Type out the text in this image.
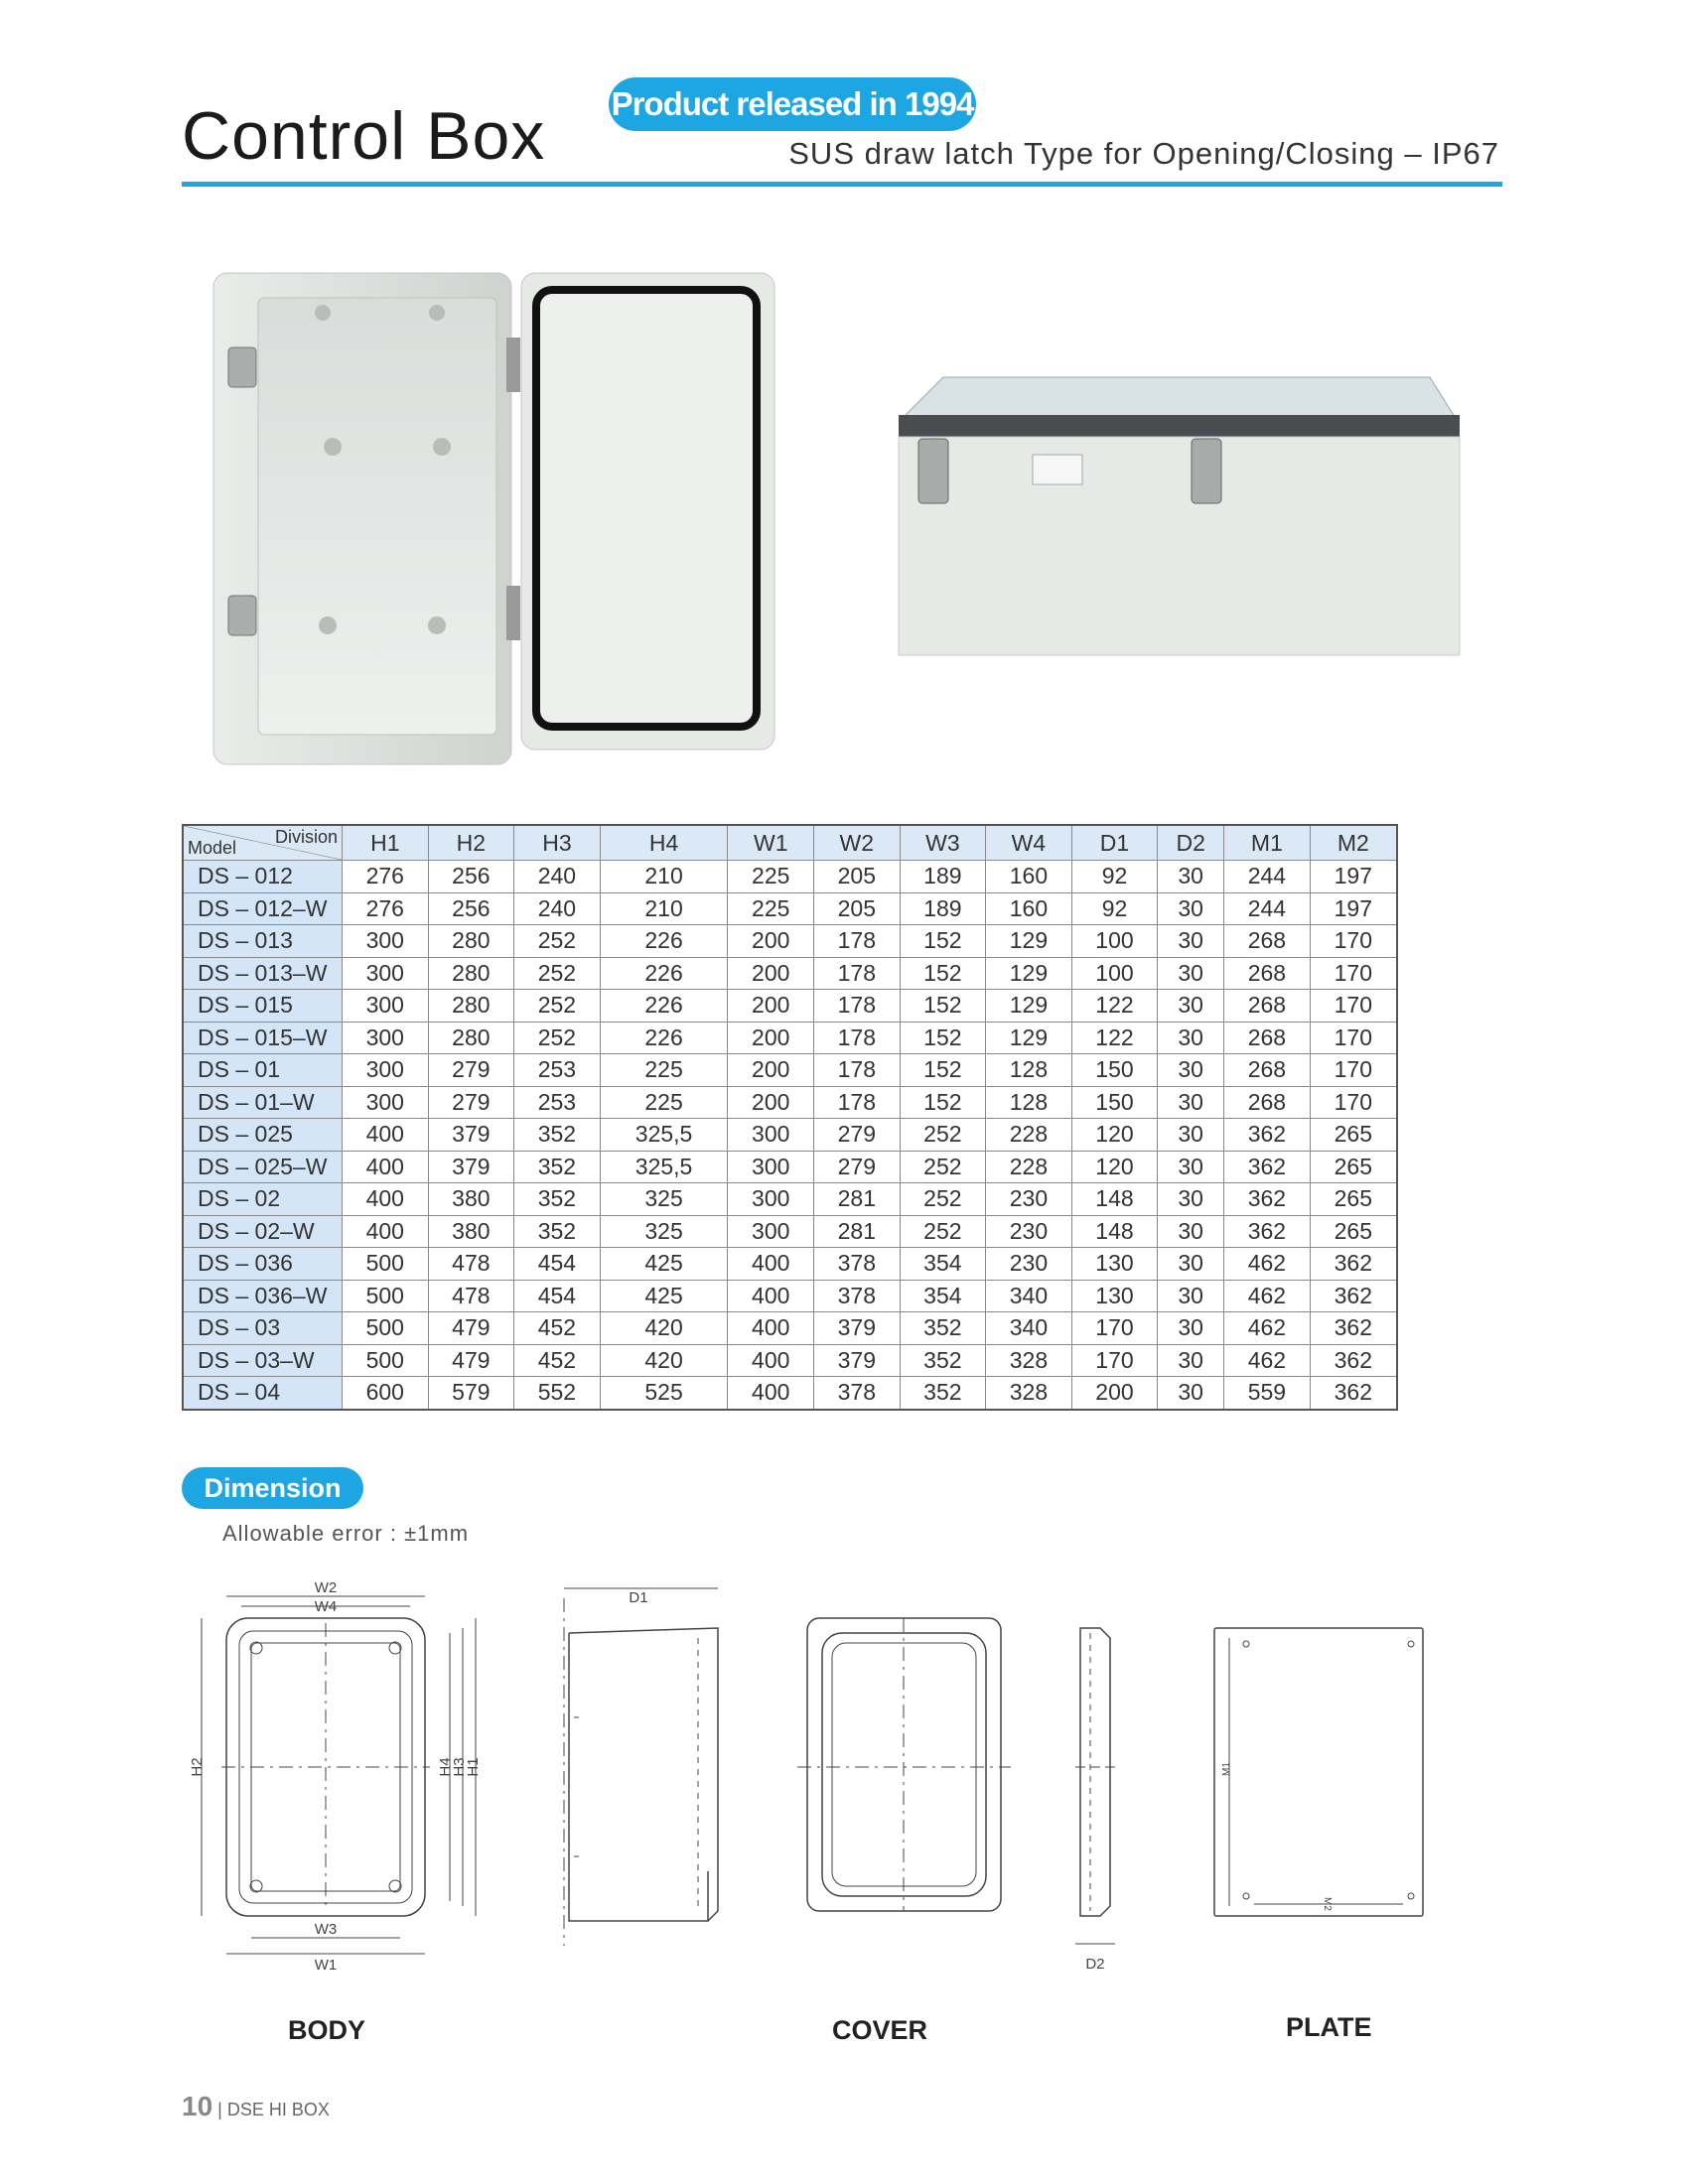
Control Box Product released in 1994
SUS draw latch Type for Opening/Closing – IP67
Division
Model	H1	H2	H3	H4	W1	W2	W3	W4	D1	D2	M1	M2
DS – 012	276	256	240	210	225	205	189	160	92	30	244	197
DS – 012–W	276	256	240	210	225	205	189	160	92	30	244	197
DS – 013	300	280	252	226	200	178	152	129	100	30	268	170
DS – 013–W	300	280	252	226	200	178	152	129	100	30	268	170
DS – 015	300	280	252	226	200	178	152	129	122	30	268	170
DS – 015–W	300	280	252	226	200	178	152	129	122	30	268	170
DS – 01	300	279	253	225	200	178	152	128	150	30	268	170
DS – 01–W	300	279	253	225	200	178	152	128	150	30	268	170
DS – 025	400	379	352	325,5	300	279	252	228	120	30	362	265
DS – 025–W	400	379	352	325,5	300	279	252	228	120	30	362	265
DS – 02	400	380	352	325	300	281	252	230	148	30	362	265
DS – 02–W	400	380	352	325	300	281	252	230	148	30	362	265
DS – 036	500	478	454	425	400	378	354	230	130	30	462	362
DS – 036–W	500	478	454	425	400	378	354	340	130	30	462	362
DS – 03	500	479	452	420	400	379	352	340	170	30	462	362
DS – 03–W	500	479	452	420	400	379	352	328	170	30	462	362
DS – 04	600	579	552	525	400	378	352	328	200	30	559	362
Dimension
Allowable error : ±1mm
W2
W4
W3
W1
H2	H4
H3
H1
D1
D2
M1
M2
BODY	COVER	PLATE
10 | DSE HI BOX
